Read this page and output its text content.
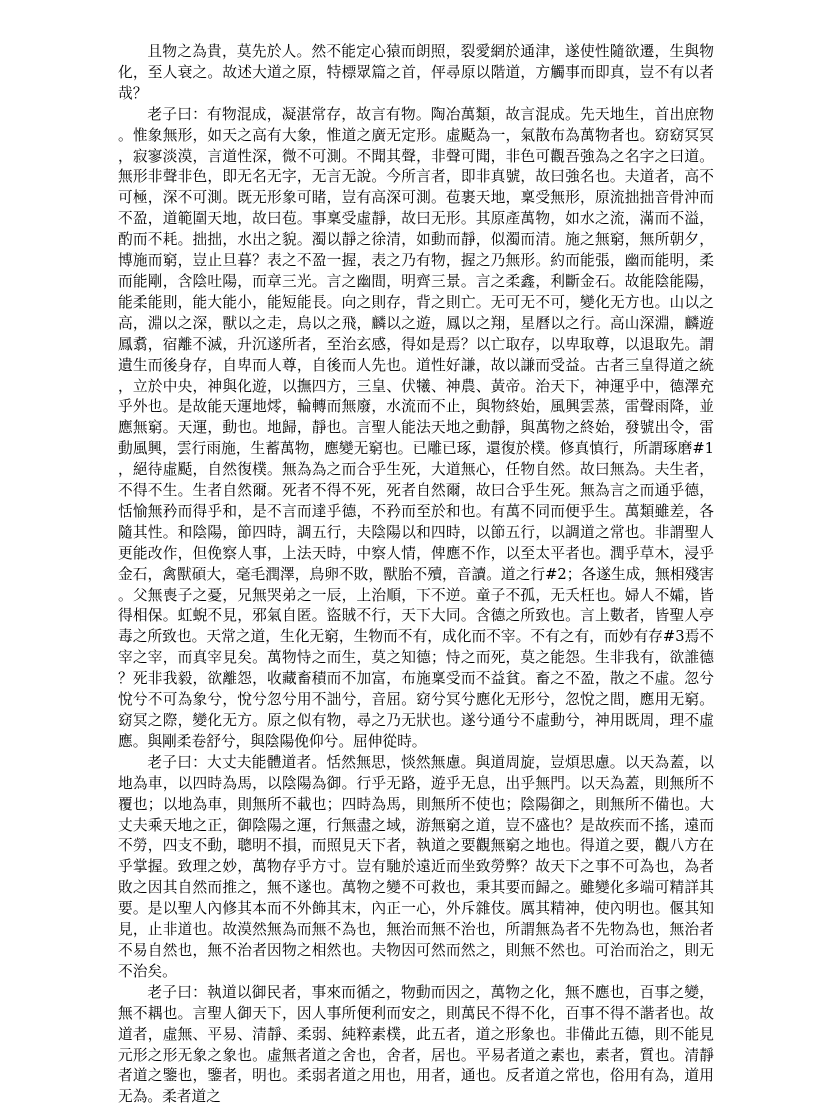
且物之為貴，莫先於人。然不能定心猿而朗照，裂愛網於通津，遂使性隨欲遷，生與物化，至人衰之。故述大道之原，特標眾篇之首，伻尋原以階道，方觸事而即真，豈不有以者哉？

老子曰：有物混成，凝湛常存，故言有物。陶冶萬類，故言混成。先天地生，首出庶物。惟象無形，如天之高有大象，惟道之廣无定形。虛颳為一，氣散布為萬物者也。窈窈冥冥，寂寥淡漠，言道性深，微不可測。不聞其聲，非聲可聞，非色可觀吾強為之名字之曰道。無形非聲非色，即无名无字，无言无說。今所言者，即非真號，故曰強名也。夫道者，高不可極，深不可測。既无形象可睹，豈有高深可測。苞裹天地，稟受無形，原流拙拙音骨沖而不盈，道範圍天地，故曰苞。事稟受虛靜，故曰无形。其原產萬物，如水之流，滿而不溢，酌而不耗。拙拙，水出之貌。濁以靜之徐清，如動而靜，似濁而清。施之無窮，無所朝夕，博施而窮，豈止旦暮？表之不盈一握，表之乃有物，握之乃無形。約而能張，幽而能明，柔而能剛，含陰吐陽，而章三光。言之幽間，明齊三景。言之柔鑫，利斷金石。故能陰能陽，能柔能則，能大能小，能短能長。向之則存，背之則亡。无可无不可，變化无方也。山以之高，淵以之深，獸以之走，鳥以之飛，麟以之遊，鳳以之翔，星曆以之行。高山深淵，麟遊鳳翥，宿離不滅，升沉遂所者，至治玄感，得如是焉？以亡取存，以卑取尊，以退取先。謂遺生而後身存，自卑而人尊，自後而人先也。道性好謙，故以謙而受益。古者三皇得道之統，立於中央，神與化遊，以撫四方，三皇、伏犧、神農、黃帝。治天下，神運乎中，德澤充乎外也。是故能天運地燯，輪轉而無廢，水流而不止，與物終始，風興雲蒸，雷聲雨降，並應無窮。天運，動也。地歸，靜也。言聖人能法天地之動靜，與萬物之終始，發號出令，雷動風興，雲行雨施，生蓄萬物，應變无窮也。已雕已琢，還復於樸。修真慎行，所謂琢磨#1，絕待虛颳，自然復樸。無為為之而合乎生死，大道無心，任物自然。故曰無為。夫生者，不得不生。生者自然爾。死者不得不死，死者自然爾，故曰合乎生死。無為言之而通乎德，恬愉無矜而得乎和，是不言而達乎德，不矜而至於和也。有萬不同而便乎生。萬類雖差，各隨其性。和陰陽，節四時，調五行，夫陰陽以和四時，以節五行，以調道之常也。非謂聖人更能改作，但俛察人事，上法天時，中察人情，俾應不作，以至太平者也。潤乎草木，浸乎金石，禽獸碩大，毫毛潤澤，鳥卵不敗，獸胎不殰，音讀。道之行#2；各遂生成，無相殘害。父無喪子之憂，兄無哭弟之一辰，上治順，下不逆。童子不孤，无夭枉也。婦人不孀，皆得相保。虹蜺不見，邪氣自匿。盜賊不行，天下大同。含德之所致也。言上數者，皆聖人亭毒之所致也。天常之道，生化无窮，生物而不有，成化而不宰。不有之有，而妙有存#3焉不宰之宰，而真宰見矣。萬物恃之而生，莫之知德；恃之而死，莫之能怨。生非我有，欲誰德？死非我毅，欲離怨，收藏畜積而不加富，布施稟受而不益貧。畜之不盈，散之不虛。忽兮悅兮不可為象兮，悅兮忽兮用不詘兮，音屈。窈兮冥兮應化无形兮，忽悅之間，應用无窮。窈冥之際，變化无方。原之似有物，尋之乃无狀也。遂兮通兮不虛動兮，神用既周，理不虛應。與剛柔卷舒兮，與陰陽俛仰兮。屈伸從時。

老子曰：大丈夫能體道者。恬然無思，惔然無慮。與道周旋，豈煩思慮。以天為蓋，以地為車，以四時為馬，以陰陽為御。行乎无路，遊乎无息，出乎無門。以天為蓋，則無所不覆也；以地為車，則無所不載也；四時為馬，則無所不使也；陰陽御之，則無所不備也。大丈夫乘天地之正，御陰陽之運，行無盡之域，游無窮之道，豈不盛也？是故疾而不搖，遠而不勞，四支不動，聰明不損，而照見天下者，執道之要觀無窮之地也。得道之要，觀八方在乎掌握。致理之妙，萬物存乎方寸。豈有馳於遠近而坐致勞弊？故天下之事不可為也，為者敗之因其自然而推之，無不遂也。萬物之變不可救也，秉其要而歸之。雖變化多端可精詳其要。是以聖人內修其本而不外飾其末，內正一心，外斥雜伎。厲其精神，使內明也。偃其知見，止非道也。故漠然無為而無不為也，無治而無不治也，所謂無為者不先物為也，無治者不易自然也，無不治者因物之相然也。夫物因可然而然之，則無不然也。可治而治之，則无不治矣。

老子曰：執道以御民者，事來而循之，物動而因之，萬物之化，無不應也，百事之變，無不耦也。言聖人御天下，因人事所便利而安之，則萬民不得不化，百事不得不諧者也。故道者，虛無、平易、清靜、柔弱、純粹素樸，此五者，道之形象也。非備此五德，則不能見元形之形无象之象也。虛無者道之舍也，舍者，居也。平易者道之素也，素者，質也。清靜者道之鑒也，鑒者，明也。柔弱者道之用也，用者，通也。反者道之常也，俗用有為，道用无為。柔者道之
